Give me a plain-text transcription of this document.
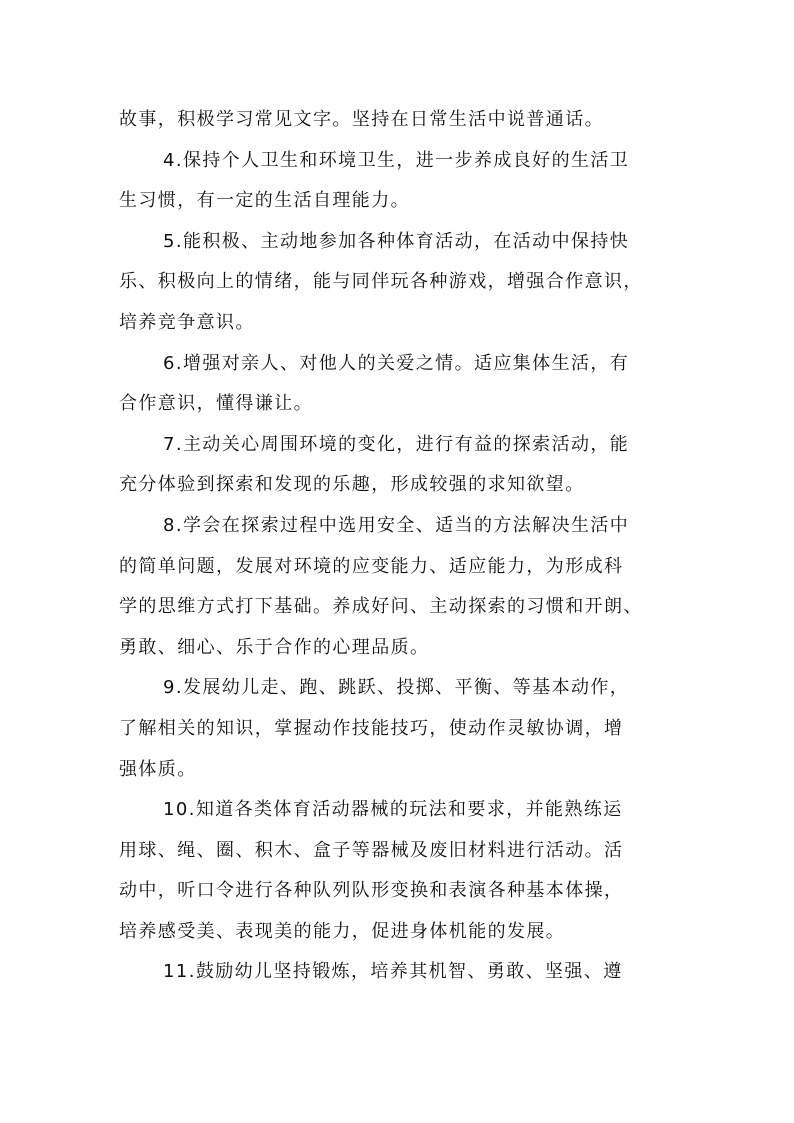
故事，积极学习常见文字。坚持在日常生活中说普通话。
4.保持个人卫生和环境卫生，进一步养成良好的生活卫
生习惯，有一定的生活自理能力。
5.能积极、主动地参加各种体育活动，在活动中保持快
乐、积极向上的情绪，能与同伴玩各种游戏，增强合作意识，
培养竞争意识。
6.增强对亲人、对他人的关爱之情。适应集体生活，有
合作意识，懂得谦让。
7.主动关心周围环境的变化，进行有益的探索活动，能
充分体验到探索和发现的乐趣，形成较强的求知欲望。
8.学会在探索过程中选用安全、适当的方法解决生活中
的简单问题，发展对环境的应变能力、适应能力，为形成科
学的思维方式打下基础。养成好问、主动探索的习惯和开朗、
勇敢、细心、乐于合作的心理品质。
9.发展幼儿走、跑、跳跃、投掷、平衡、等基本动作，
了解相关的知识，掌握动作技能技巧，使动作灵敏协调，增
强体质。
10.知道各类体育活动器械的玩法和要求，并能熟练运
用球、绳、圈、积木、盒子等器械及废旧材料进行活动。活
动中，听口令进行各种队列队形变换和表演各种基本体操，
培养感受美、表现美的能力，促进身体机能的发展。
11.鼓励幼儿坚持锻炼，培养其机智、勇敢、坚强、遵
